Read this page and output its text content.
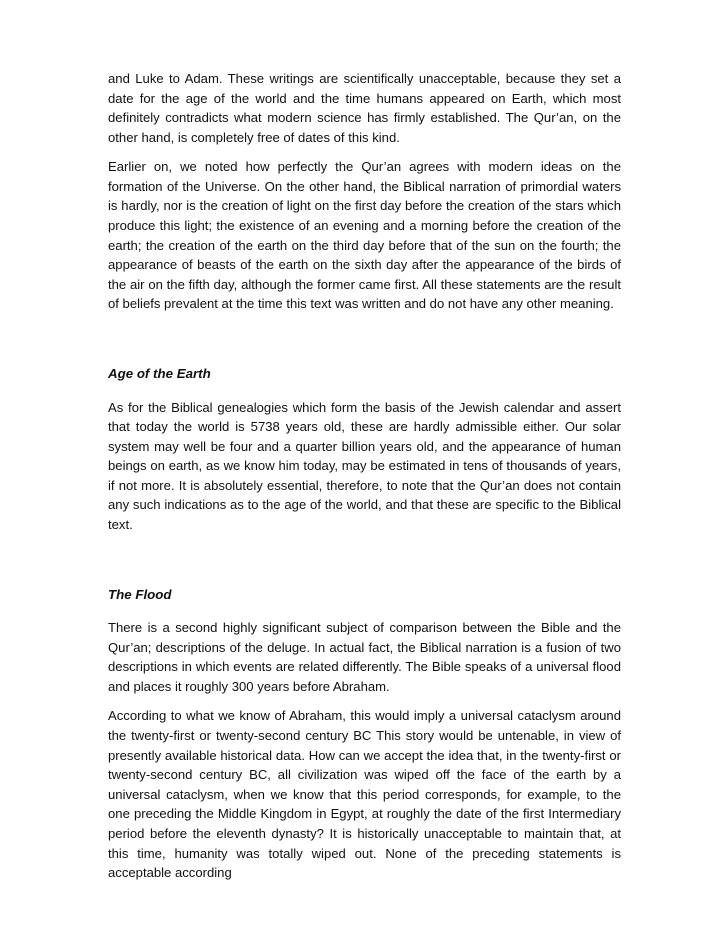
and Luke to Adam. These writings are scientifically unacceptable, because they set a date for the age of the world and the time humans appeared on Earth, which most definitely contradicts what modern science has firmly established. The Qur’an, on the other hand, is completely free of dates of this kind.

Earlier on, we noted how perfectly the Qur’an agrees with modern ideas on the formation of the Universe. On the other hand, the Biblical narration of primordial waters is hardly, nor is the creation of light on the first day before the creation of the stars which produce this light; the existence of an evening and a morning before the creation of the earth; the creation of the earth on the third day before that of the sun on the fourth; the appearance of beasts of the earth on the sixth day after the appearance of the birds of the air on the fifth day, although the former came first. All these statements are the result of beliefs prevalent at the time this text was written and do not have any other meaning.

Age of the Earth

As for the Biblical genealogies which form the basis of the Jewish calendar and assert that today the world is 5738 years old, these are hardly admissible either. Our solar system may well be four and a quarter billion years old, and the appearance of human beings on earth, as we know him today, may be estimated in tens of thousands of years, if not more. It is absolutely essential, therefore, to note that the Qur’an does not contain any such indications as to the age of the world, and that these are specific to the Biblical text.

The Flood

There is a second highly significant subject of comparison between the Bible and the Qur’an; descriptions of the deluge. In actual fact, the Biblical narration is a fusion of two descriptions in which events are related differently. The Bible speaks of a universal flood and places it roughly 300 years before Abraham.

According to what we know of Abraham, this would imply a universal cataclysm around the twenty-first or twenty-second century BC This story would be untenable, in view of presently available historical data. How can we accept the idea that, in the twenty-first or twenty-second century BC, all civilization was wiped off the face of the earth by a universal cataclysm, when we know that this period corresponds, for example, to the one preceding the Middle Kingdom in Egypt, at roughly the date of the first Intermediary period before the eleventh dynasty? It is historically unacceptable to maintain that, at this time, humanity was totally wiped out. None of the preceding statements is acceptable according
